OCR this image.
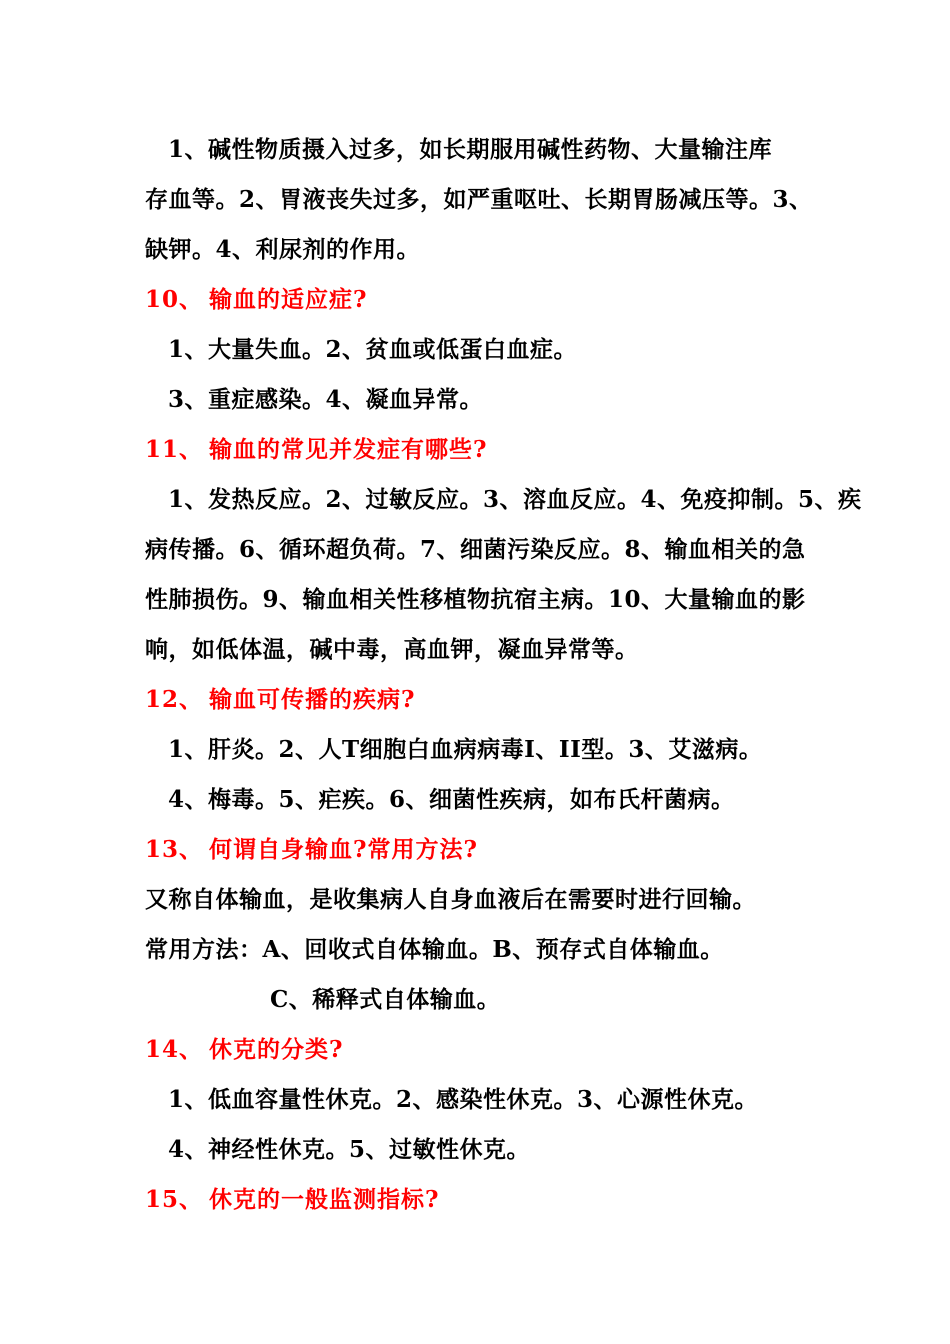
1、碱性物质摄入过多，如长期服用碱性药物、大量输注库
存血等。2、胃液丧失过多，如严重呕吐、长期胃肠减压等。3、
缺钾。4、利尿剂的作用。
10、 输血的适应症?
1、大量失血。2、贫血或低蛋白血症。
3、重症感染。4、凝血异常。
11、 输血的常见并发症有哪些?
1、发热反应。2、过敏反应。3、溶血反应。4、免疫抑制。5、疾
病传播。6、循环超负荷。7、细菌污染反应。8、输血相关的急
性肺损伤。9、输血相关性移植物抗宿主病。10、大量输血的影
响，如低体温，碱中毒，高血钾，凝血异常等。
12、 输血可传播的疾病?
1、肝炎。2、人T细胞白血病病毒I、II型。3、艾滋病。
4、梅毒。5、疟疾。6、细菌性疾病，如布氏杆菌病。
13、 何谓自身输血?常用方法?
又称自体输血，是收集病人自身血液后在需要时进行回输。
常用方法：A、回收式自体输血。B、预存式自体输血。
C、稀释式自体输血。
14、 休克的分类?
1、低血容量性休克。2、感染性休克。3、心源性休克。
4、神经性休克。5、过敏性休克。
15、 休克的一般监测指标?
